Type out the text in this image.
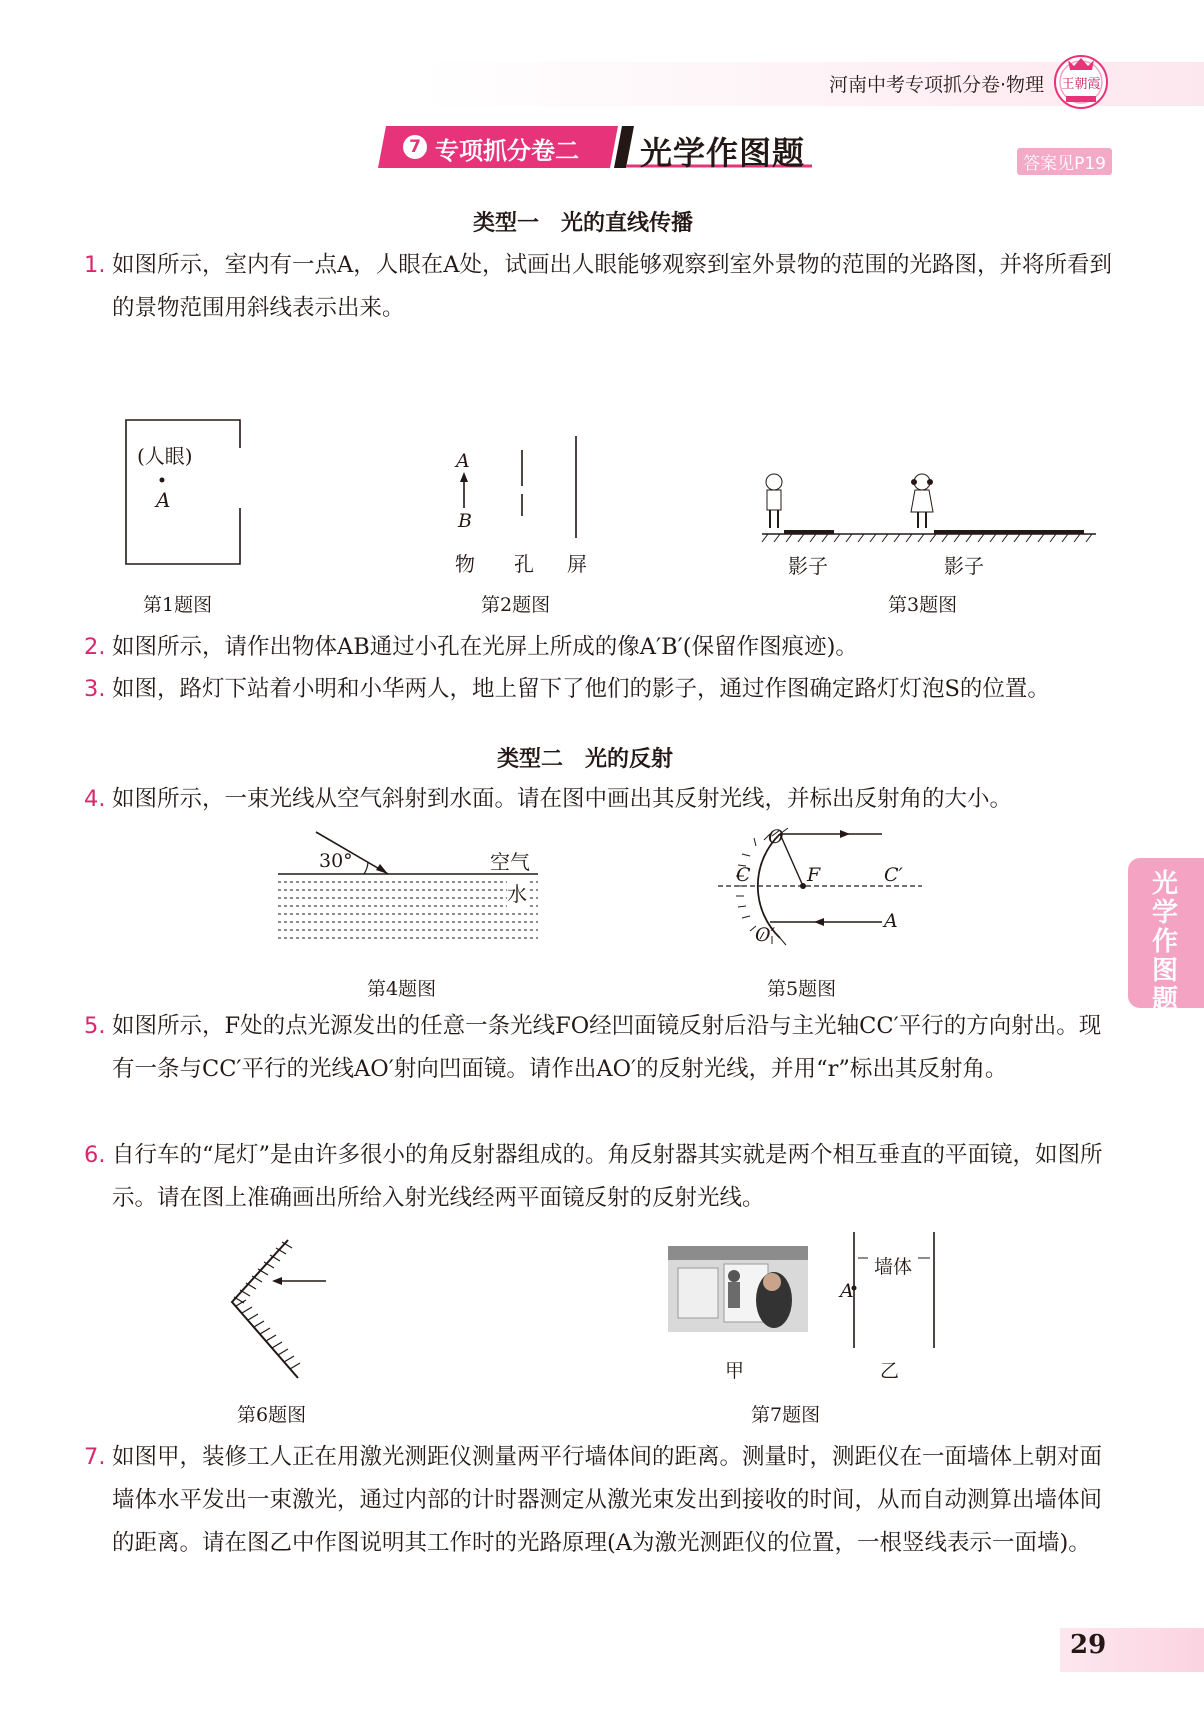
河南中考专项抓分卷·物理 王朝霞
7 专项抓分卷二 光学作图题	答案见P19
类型一　光的直线传播
1. 如图所示，室内有一点A，人眼在A处，试画出人眼能够观察到室外景物的范围的光路图，并将所看到的景物范围用斜线表示出来。
(人眼)
A
第1题图
A
B
物 孔 屏
第2题图
影子	影子
第3题图
2. 如图所示，请作出物体AB通过小孔在光屏上所成的像A′B′(保留作图痕迹)。
3. 如图，路灯下站着小明和小华两人，地上留下了他们的影子，通过作图确定路灯灯泡S的位置。
类型二　光的反射
4. 如图所示，一束光线从空气斜射到水面。请在图中画出其反射光线，并标出反射角的大小。
30°	空气
水
第4题图
O
C	F	C′
A
O′
第5题图
光学作图题
5. 如图所示，F处的点光源发出的任意一条光线FO经凹面镜反射后沿与主光轴CC′平行的方向射出。现有一条与CC′平行的光线AO′射向凹面镜。请作出AO′的反射光线，并用“r”标出其反射角。
6. 自行车的“尾灯”是由许多很小的角反射器组成的。角反射器其实就是两个相互垂直的平面镜，如图所示。请在图上准确画出所给入射光线经两平面镜反射的反射光线。
第6题图
墙体
A
甲	乙
第7题图
7. 如图甲，装修工人正在用激光测距仪测量两平行墙体间的距离。测量时，测距仪在一面墙体上朝对面墙体水平发出一束激光，通过内部的计时器测定从激光束发出到接收的时间，从而自动测算出墙体间的距离。请在图乙中作图说明其工作时的光路原理(A为激光测距仪的位置，一根竖线表示一面墙)。
29
